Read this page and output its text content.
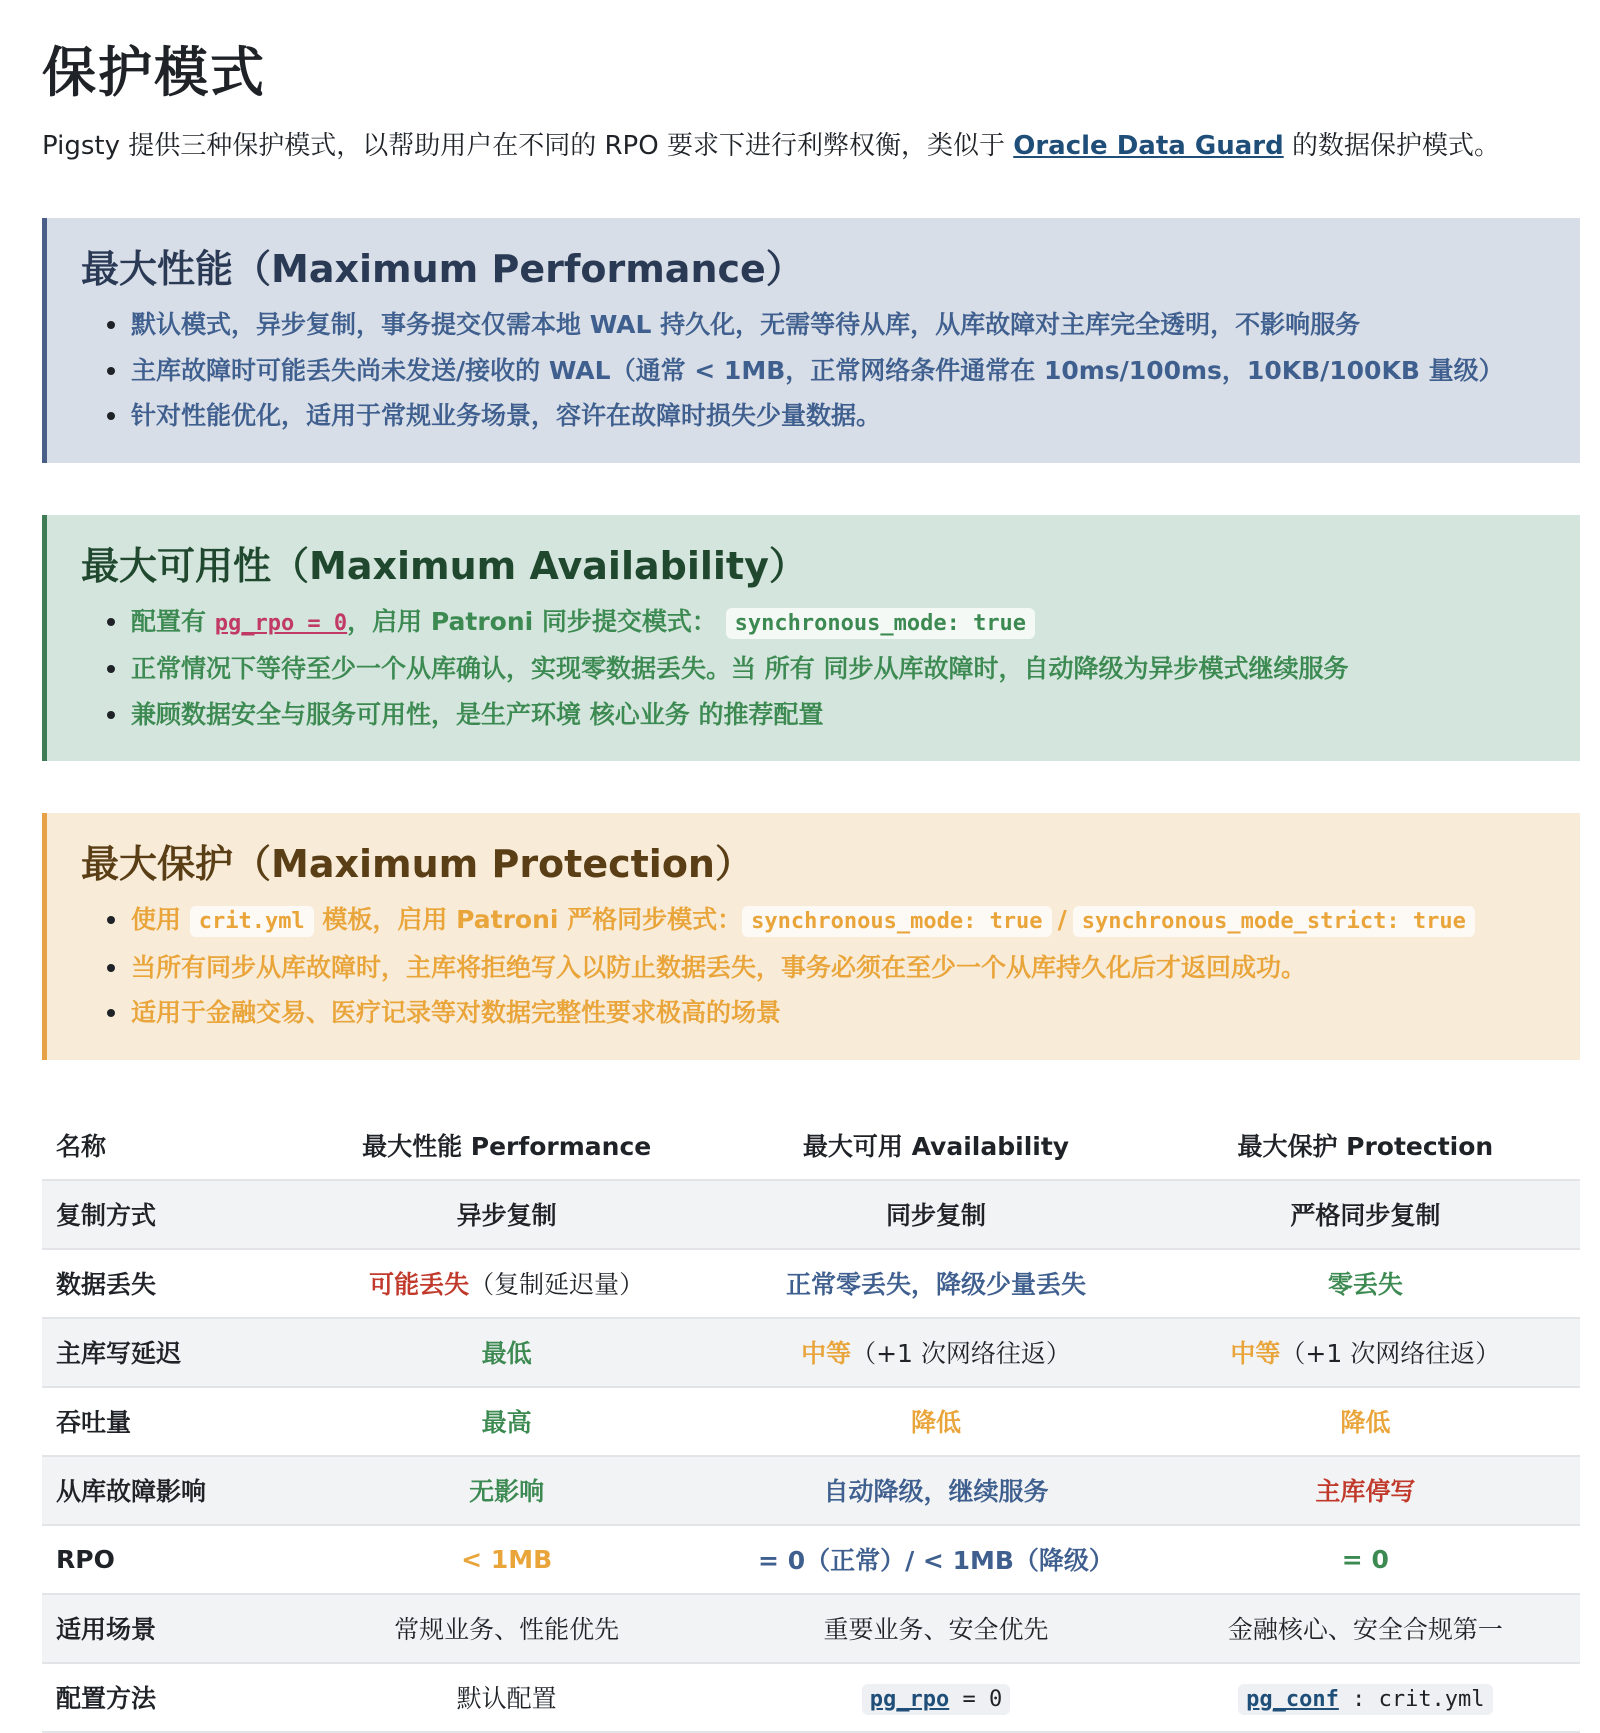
保护模式

Pigsty 提供三种保护模式，以帮助用户在不同的 RPO 要求下进行利弊权衡，类似于 Oracle Data Guard 的数据保护模式。

最大性能（Maximum Performance）
默认模式，异步复制，事务提交仅需本地 WAL 持久化，无需等待从库，从库故障对主库完全透明，不影响服务
主库故障时可能丢失尚未发送/接收的 WAL（通常 < 1MB，正常网络条件通常在 10ms/100ms，10KB/100KB 量级）
针对性能优化，适用于常规业务场景，容许在故障时损失少量数据。
最大可用性（Maximum Availability）
配置有 pg_rpo = 0，启用 Patroni 同步提交模式： synchronous_mode: true
正常情况下等待至少一个从库确认，实现零数据丢失。当 所有 同步从库故障时，自动降级为异步模式继续服务
兼顾数据安全与服务可用性，是生产环境 核心业务 的推荐配置
最大保护（Maximum Protection）
使用 crit.yml 模板，启用 Patroni 严格同步模式： synchronous_mode: true / synchronous_mode_strict: true
当所有同步从库故障时，主库将拒绝写入以防止数据丢失，事务必须在至少一个从库持久化后才返回成功。
适用于金融交易、医疗记录等对数据完整性要求极高的场景
名称	最大性能 Performance	最大可用 Availability	最大保护 Protection
复制方式	异步复制	同步复制	严格同步复制
数据丢失	可能丢失（复制延迟量）	正常零丢失，降级少量丢失	零丢失
主库写延迟	最低	中等（+1 次网络往返）	中等（+1 次网络往返）
吞吐量	最高	降低	降低
从库故障影响	无影响	自动降级，继续服务	主库停写
RPO	< 1MB	= 0（正常）/ < 1MB（降级）	= 0
适用场景	常规业务、性能优先	重要业务、安全优先	金融核心、安全合规第一
配置方法	默认配置	pg_rpo = 0	pg_conf : crit.yml
